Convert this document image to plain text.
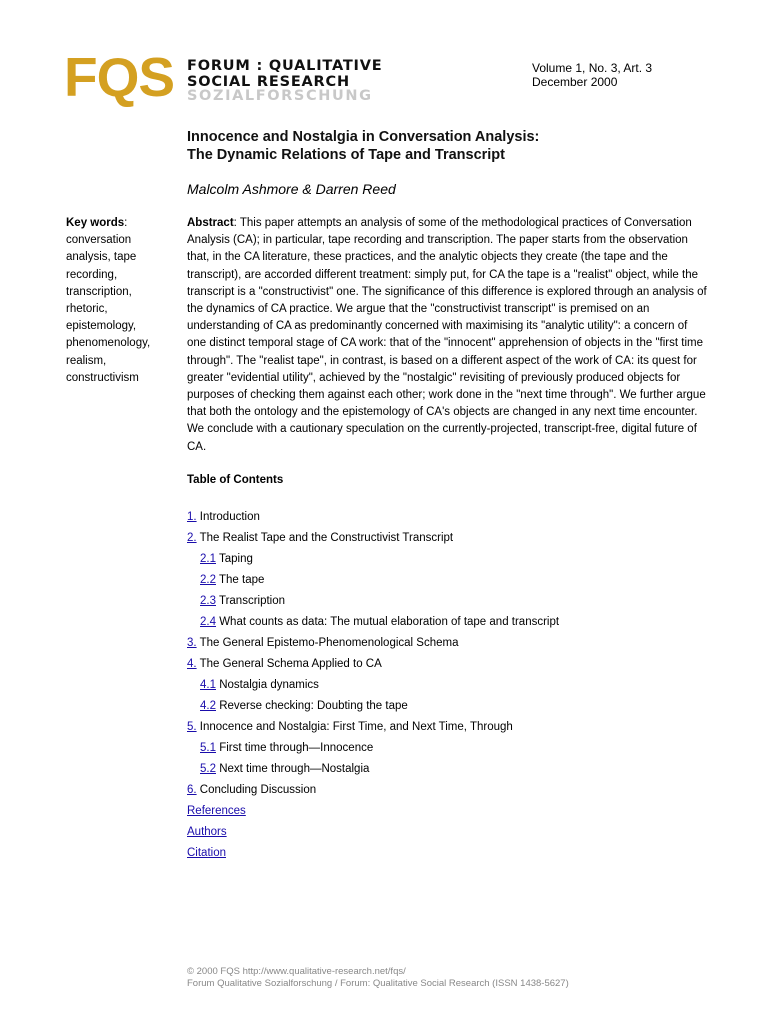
FQS FORUM : QUALITATIVE
SOCIAL RESEARCH
SOZIALFORSCHUNG
Volume 1, No. 3, Art. 3
December 2000
Innocence and Nostalgia in Conversation Analysis:
The Dynamic Relations of Tape and Transcript
Malcolm Ashmore & Darren Reed
Key words: conversation analysis, tape recording, transcription, rhetoric, epistemology, phenomenology, realism, constructivism
Abstract: This paper attempts an analysis of some of the methodological practices of Conversation Analysis (CA); in particular, tape recording and transcription. The paper starts from the observation that, in the CA literature, these practices, and the analytic objects they create (the tape and the transcript), are accorded different treatment: simply put, for CA the tape is a "realist" object, while the transcript is a "constructivist" one. The significance of this difference is explored through an analysis of the dynamics of CA practice. We argue that the "constructivist transcript" is premised on an understanding of CA as predominantly concerned with maximising its "analytic utility": a concern of one distinct temporal stage of CA work: that of the "innocent" apprehension of objects in the "first time through". The "realist tape", in contrast, is based on a different aspect of the work of CA: its quest for greater "evidential utility", achieved by the "nostalgic" revisiting of previously produced objects for purposes of checking them against each other; work done in the "next time through". We further argue that both the ontology and the epistemology of CA's objects are changed in any next time encounter. We conclude with a cautionary speculation on the currently-projected, transcript-free, digital future of CA.
Table of Contents
1. Introduction
2. The Realist Tape and the Constructivist Transcript
2.1 Taping
2.2 The tape
2.3 Transcription
2.4 What counts as data: The mutual elaboration of tape and transcript
3. The General Epistemo-Phenomenological Schema
4. The General Schema Applied to CA
4.1 Nostalgia dynamics
4.2 Reverse checking: Doubting the tape
5. Innocence and Nostalgia: First Time, and Next Time, Through
5.1 First time through—Innocence
5.2 Next time through—Nostalgia
6. Concluding Discussion
References
Authors
Citation
© 2000 FQS http://www.qualitative-research.net/fqs/
Forum Qualitative Sozialforschung / Forum: Qualitative Social Research (ISSN 1438-5627)
